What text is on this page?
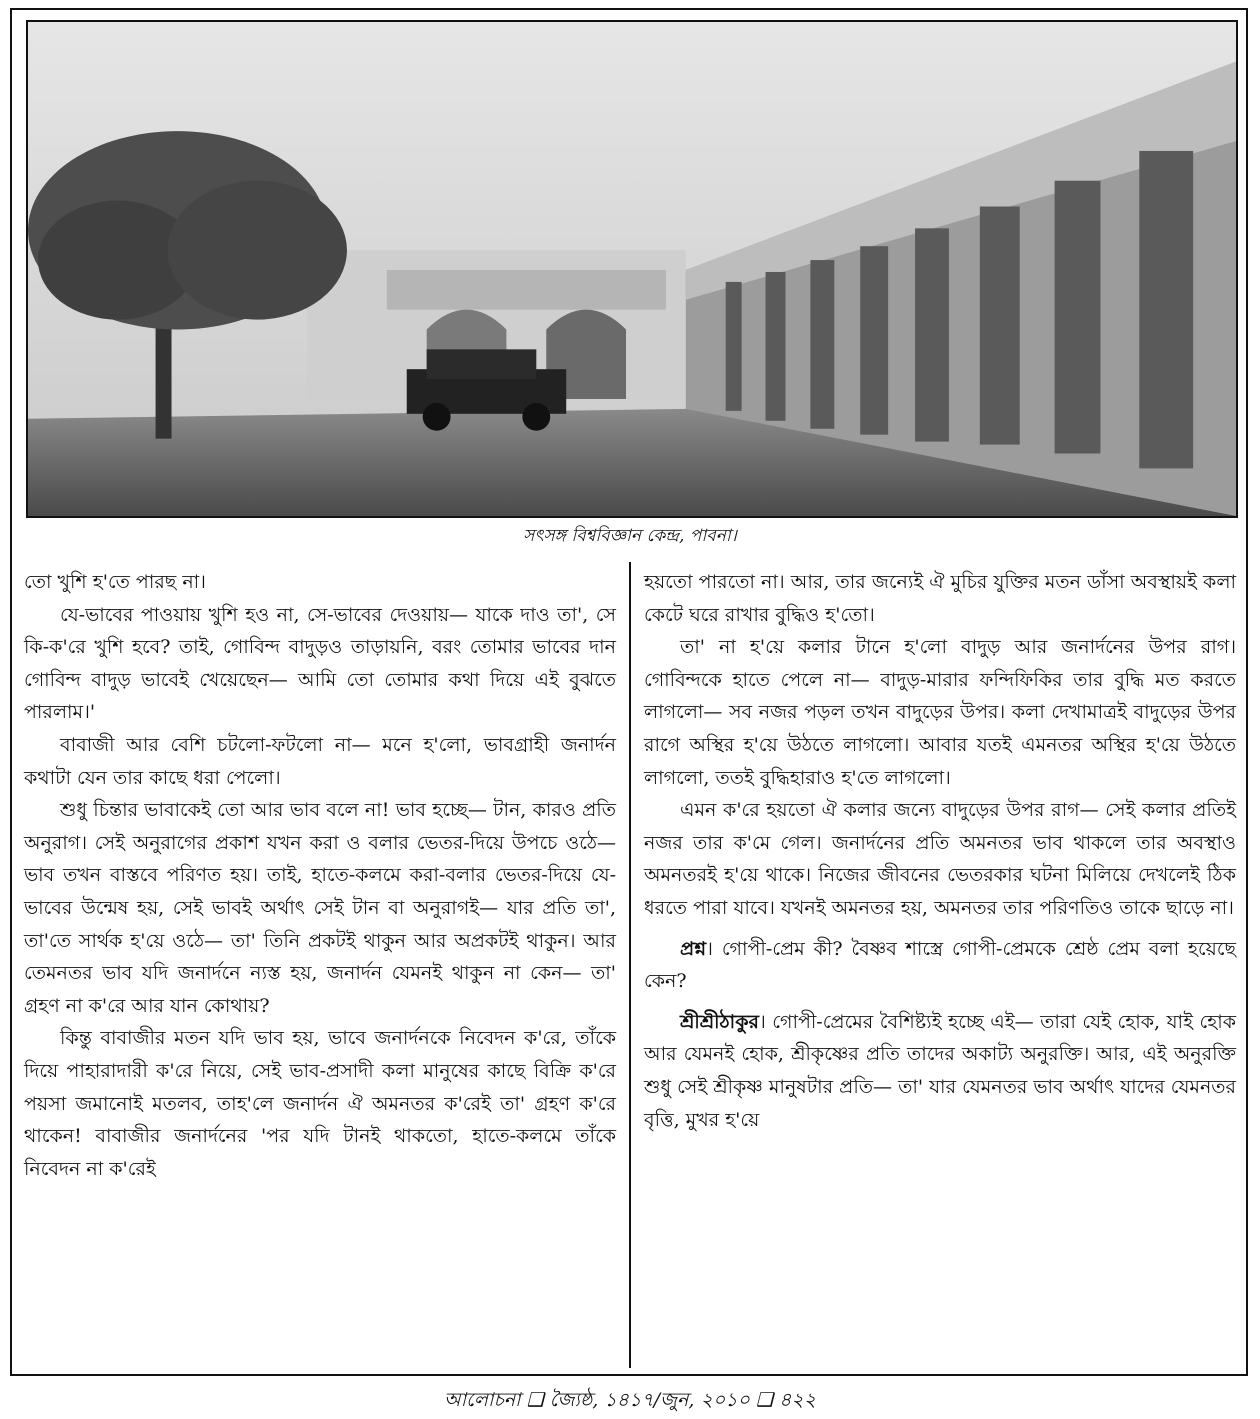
সৎসঙ্গ বিশ্ববিজ্ঞান কেন্দ্র, পাবনা।

তো খুশি হ'তে পারছ না।

যে-ভাবের পাওয়ায় খুশি হও না, সে-ভাবের দেওয়ায়— যাকে দাও তা', সে কি-ক'রে খুশি হবে? তাই, গোবিন্দ বাদুড়ও তাড়ায়নি, বরং তোমার ভাবের দান গোবিন্দ বাদুড় ভাবেই খেয়েছেন— আমি তো তোমার কথা দিয়ে এই বুঝতে পারলাম।'

বাবাজী আর বেশি চটলো-ফটলো না— মনে হ'লো, ভাবগ্রাহী জনার্দন কথাটা যেন তার কাছে ধরা পেলো।

শুধু চিন্তার ভাবাকেই তো আর ভাব বলে না! ভাব হচ্ছে— টান, কারও প্রতি অনুরাগ। সেই অনুরাগের প্রকাশ যখন করা ও বলার ভেতর-দিয়ে উপচে ওঠে— ভাব তখন বাস্তবে পরিণত হয়। তাই, হাতে-কলমে করা-বলার ভেতর-দিয়ে যে-ভাবের উন্মেষ হয়, সেই ভাবই অর্থাৎ সেই টান বা অনুরাগই— যার প্রতি তা', তা'তে সার্থক হ'য়ে ওঠে— তা' তিনি প্রকটই থাকুন আর অপ্রকটই থাকুন। আর তেমনতর ভাব যদি জনার্দনে ন্যস্ত হয়, জনার্দন যেমনই থাকুন না কেন— তা' গ্রহণ না ক'রে আর যান কোথায়?

কিন্তু বাবাজীর মতন যদি ভাব হয়, ভাবে জনার্দনকে নিবেদন ক'রে, তাঁকে দিয়ে পাহারাদারী ক'রে নিয়ে, সেই ভাব-প্রসাদী কলা মানুষের কাছে বিক্রি ক'রে পয়সা জমানোই মতলব, তাহ'লে জনার্দন ঐ অমনতর ক'রেই তা' গ্রহণ ক'রে থাকেন! বাবাজীর জনার্দনের 'পর যদি টানই থাকতো, হাতে-কলমে তাঁকে নিবেদন না ক'রেই

হয়তো পারতো না। আর, তার জন্যেই ঐ মুচির যুক্তির মতন ডাঁসা অবস্থায়ই কলা কেটে ঘরে রাখার বুদ্ধিও হ'তো।

তা' না হ'য়ে কলার টানে হ'লো বাদুড় আর জনার্দনের উপর রাগ। গোবিন্দকে হাতে পেলে না— বাদুড়-মারার ফন্দিফিকির তার বুদ্ধি মত করতে লাগলো— সব নজর পড়ল তখন বাদুড়ের উপর। কলা দেখামাত্রই বাদুড়ের উপর রাগে অস্থির হ'য়ে উঠতে লাগলো। আবার যতই এমনতর অস্থির হ'য়ে উঠতে লাগলো, ততই বুদ্ধিহারাও হ'তে লাগলো।

এমন ক'রে হয়তো ঐ কলার জন্যে বাদুড়ের উপর রাগ— সেই কলার প্রতিই নজর তার ক'মে গেল। জনার্দনের প্রতি অমনতর ভাব থাকলে তার অবস্থাও অমনতরই হ'য়ে থাকে। নিজের জীবনের ভেতরকার ঘটনা মিলিয়ে দেখলেই ঠিক ধরতে পারা যাবে। যখনই অমনতর হয়, অমনতর তার পরিণতিও তাকে ছাড়ে না।

প্রশ্ন। গোপী-প্রেম কী? বৈষ্ণব শাস্ত্রে গোপী-প্রেমকে শ্রেষ্ঠ প্রেম বলা হয়েছে কেন?

শ্রীশ্রীঠাকুর। গোপী-প্রেমের বৈশিষ্ট্যই হচ্ছে এই— তারা যেই হোক, যাই হোক আর যেমনই হোক, শ্রীকৃষ্ণের প্রতি তাদের অকাট্য অনুরক্তি। আর, এই অনুরক্তি শুধু সেই শ্রীকৃষ্ণ মানুষটার প্রতি— তা' যার যেমনতর ভাব অর্থাৎ যাদের যেমনতর বৃত্তি, মুখর হ'য়ে

আলোচনা ❑ জ্যৈষ্ঠ, ১৪১৭/জুন, ২০১০ ❑ ৪২২
